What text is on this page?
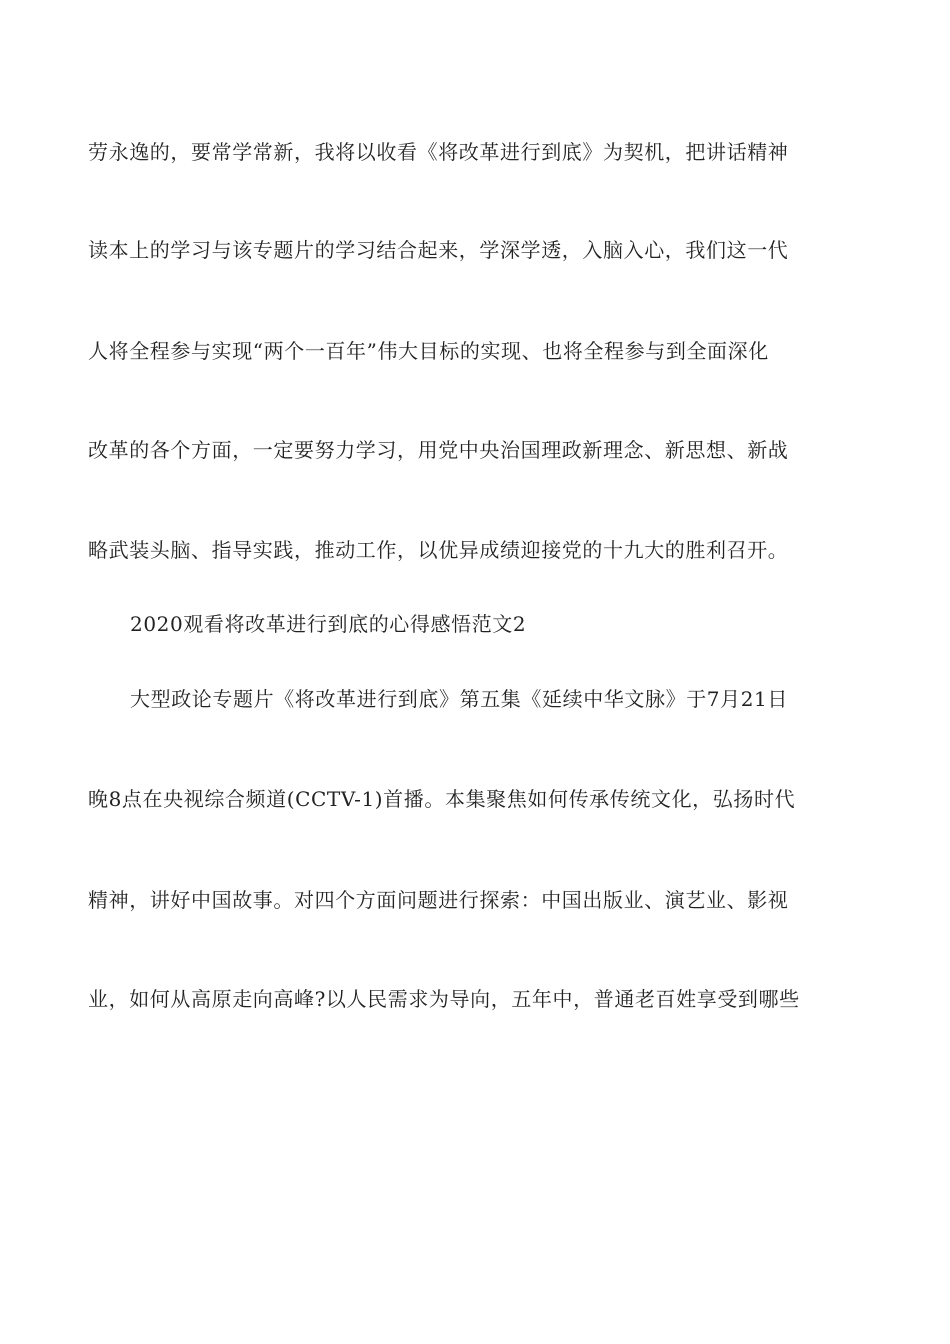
劳永逸的，要常学常新，我将以收看《将改革进行到底》为契机，把讲话精神
读本上的学习与该专题片的学习结合起来，学深学透，入脑入心，我们这一代
人将全程参与实现“两个一百年”伟大目标的实现、也将全程参与到全面深化
改革的各个方面，一定要努力学习，用党中央治国理政新理念、新思想、新战
略武装头脑、指导实践，推动工作，以优异成绩迎接党的十九大的胜利召开。
2020观看将改革进行到底的心得感悟范文2
大型政论专题片《将改革进行到底》第五集《延续中华文脉》于7月21日
晚8点在央视综合频道(CCTV-1)首播。本集聚焦如何传承传统文化，弘扬时代
精神，讲好中国故事。对四个方面问题进行探索：中国出版业、演艺业、影视
业，如何从高原走向高峰?以人民需求为导向，五年中，普通老百姓享受到哪些
